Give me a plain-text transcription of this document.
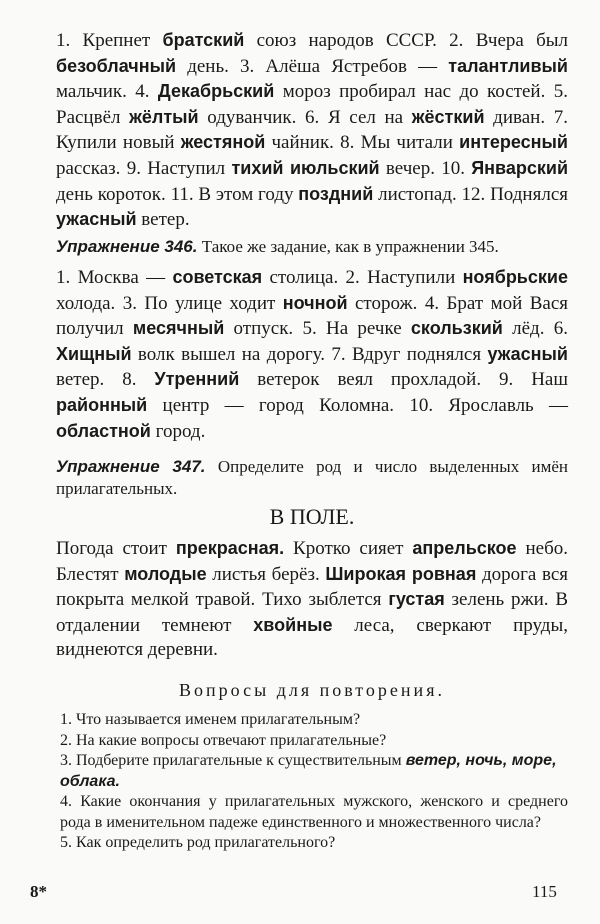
1. Крепнет братский союз народов СССР. 2. Вчера был безоблачный день. 3. Алёша Ястребов — талантливый мальчик. 4. Декабрьский мороз пробирал нас до костей. 5. Расцвёл жёлтый одуванчик. 6. Я сел на жёсткий диван. 7. Купили новый жестяной чайник. 8. Мы читали интересный рассказ. 9. Наступил тихий июльский вечер. 10. Январский день короток. 11. В этом году поздний листопад. 12. Поднялся ужасный ветер.

Упражнение 346. Такое же задание, как в упражнении 345.

1. Москва — советская столица. 2. Наступили ноябрьские холода. 3. По улице ходит ночной сторож. 4. Брат мой Вася получил месячный отпуск. 5. На речке скользкий лёд. 6. Хищный волк вышел на дорогу. 7. Вдруг поднялся ужасный ветер. 8. Утренний ветерок веял прохладой. 9. Наш районный центр — город Коломна. 10. Ярославль — областной город.

Упражнение 347. Определите род и число выделенных имён прилагательных.

В ПОЛЕ.

Погода стоит прекрасная. Кротко сияет апрельское небо. Блестят молодые листья берёз. Широкая ровная дорога вся покрыта мелкой травой. Тихо зыблется густая зелень ржи. В отдалении темнеют хвойные леса, сверкают пруды, виднеются деревни.

Вопросы для повторения.

1. Что называется именем прилагательным?

2. На какие вопросы отвечают прилагательные?

3. Подберите прилагательные к существительным ветер, ночь, море, облака.

4. Какие окончания у прилагательных мужского, женского и среднего рода в именительном падеже единственного и множественного числа?

5. Как определить род прилагательного?

8*	115
